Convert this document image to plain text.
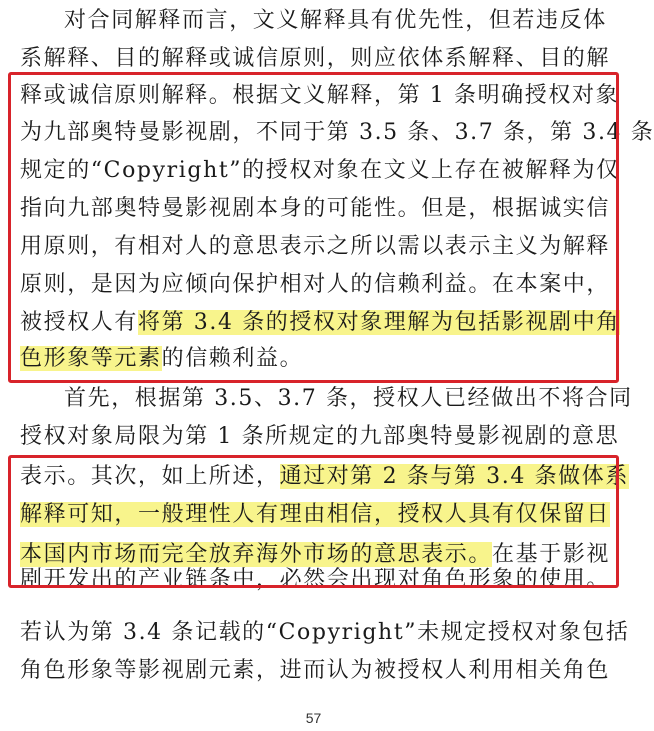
对合同解释而言，文义解释具有优先性，但若违反体
系解释、目的解释或诚信原则，则应依体系解释、目的解
释或诚信原则解释。根据文义解释，第 1 条明确授权对象
为九部奥特曼影视剧，不同于第 3.5 条、3.7 条，第 3.4 条
规定的“Copyright”的授权对象在文义上存在被解释为仅
指向九部奥特曼影视剧本身的可能性。但是，根据诚实信
用原则，有相对人的意思表示之所以需以表示主义为解释
原则，是因为应倾向保护相对人的信赖利益。在本案中，
被授权人有将第 3.4 条的授权对象理解为包括影视剧中角
色形象等元素的信赖利益。
首先，根据第 3.5、3.7 条，授权人已经做出不将合同
授权对象局限为第 1 条所规定的九部奥特曼影视剧的意思
表示。其次，如上所述，通过对第 2 条与第 3.4 条做体系
解释可知，一般理性人有理由相信，授权人具有仅保留日
本国内市场而完全放弃海外市场的意思表示。在基于影视
剧开发出的产业链条中，必然会出现对角色形象的使用。
若认为第 3.4 条记载的“Copyright”未规定授权对象包括
角色形象等影视剧元素，进而认为被授权人利用相关角色
57
